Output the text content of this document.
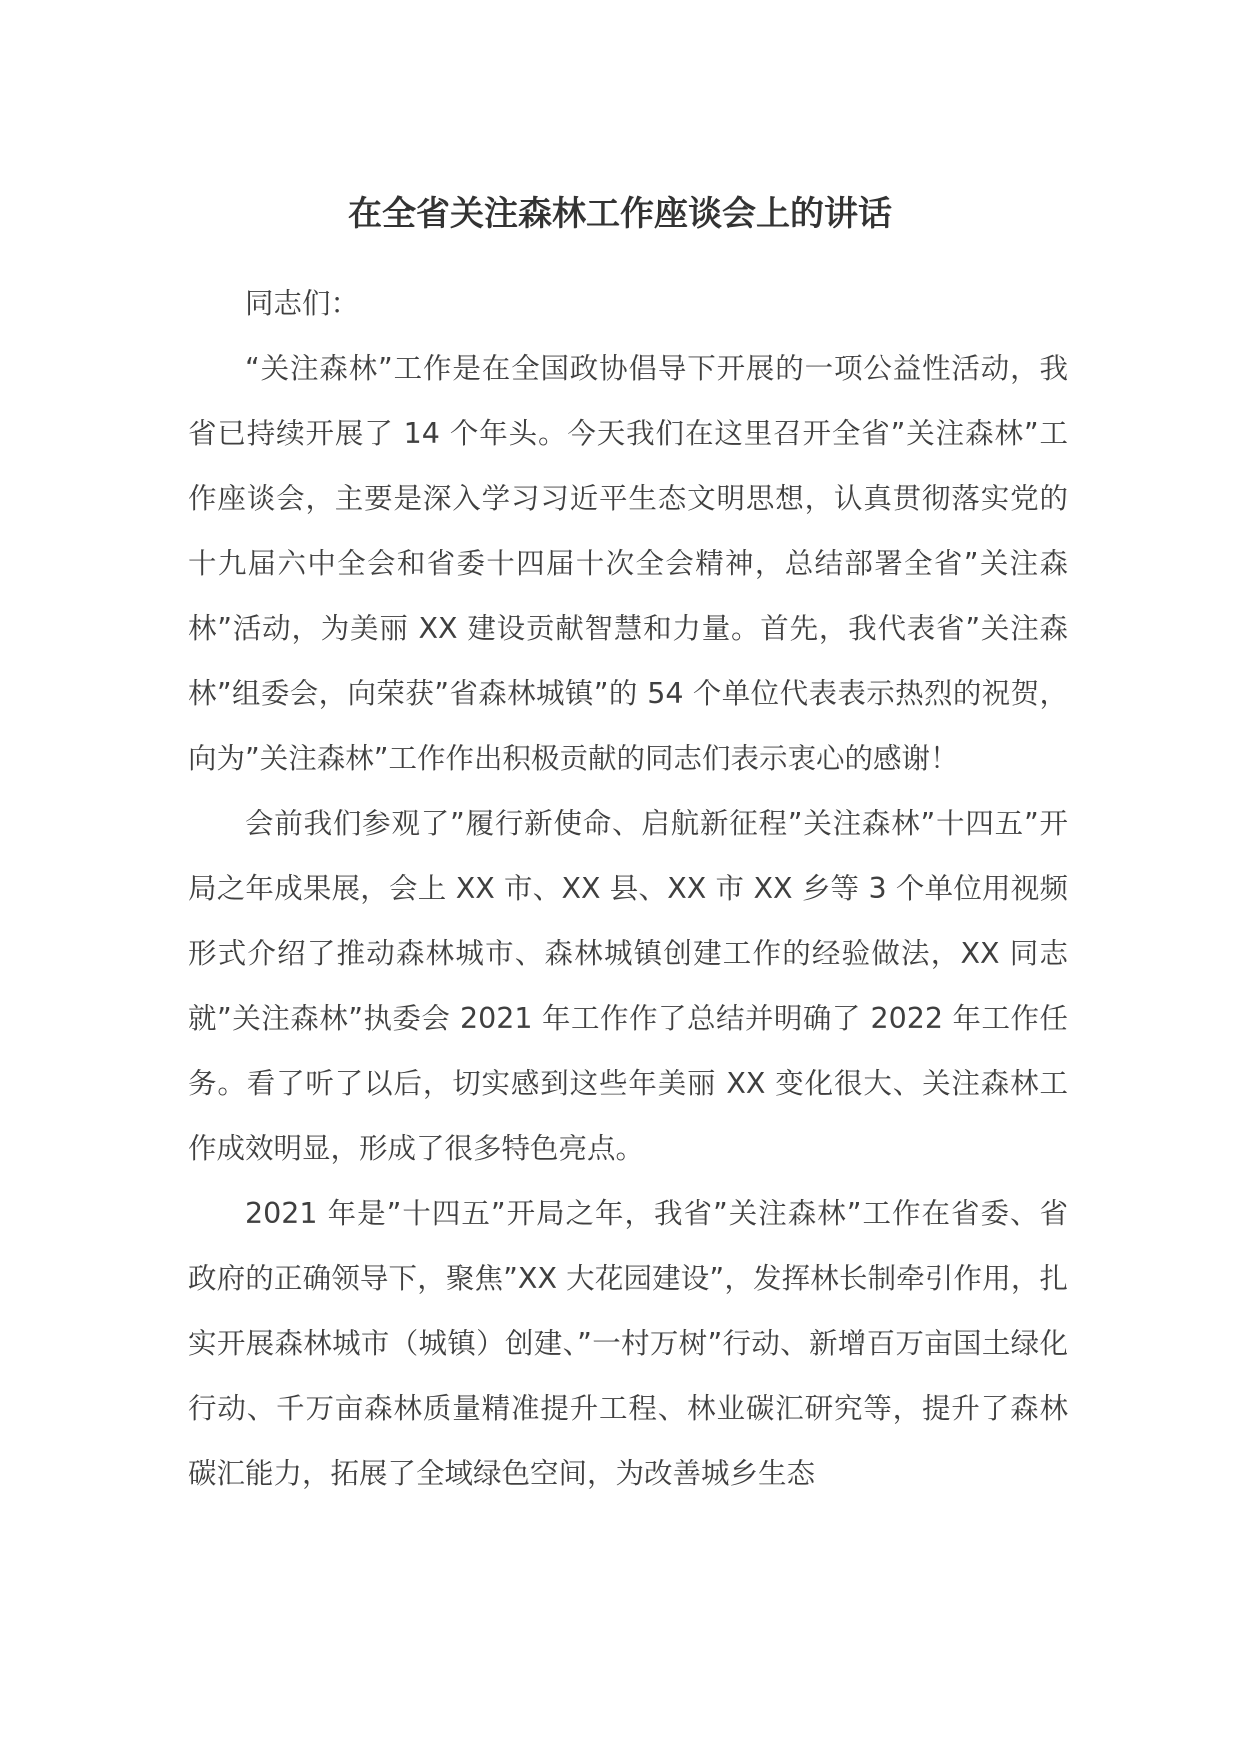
在全省关注森林工作座谈会上的讲话

同志们：

“关注森林”工作是在全国政协倡导下开展的一项公益性活动，我省已持续开展了 14 个年头。今天我们在这里召开全省”关注森林”工作座谈会，主要是深入学习习近平生态文明思想，认真贯彻落实党的十九届六中全会和省委十四届十次全会精神，总结部署全省”关注森林”活动，为美丽 XX 建设贡献智慧和力量。首先，我代表省”关注森林”组委会，向荣获”省森林城镇”的 54 个单位代表表示热烈的祝贺，向为”关注森林”工作作出积极贡献的同志们表示衷心的感谢！

会前我们参观了”履行新使命、启航新征程”关注森林”十四五”开局之年成果展，会上 XX 市、XX 县、XX 市 XX 乡等 3 个单位用视频形式介绍了推动森林城市、森林城镇创建工作的经验做法，XX 同志就”关注森林”执委会 2021 年工作作了总结并明确了 2022 年工作任务。看了听了以后，切实感到这些年美丽 XX 变化很大、关注森林工作成效明显，形成了很多特色亮点。

2021 年是”十四五”开局之年，我省”关注森林”工作在省委、省政府的正确领导下，聚焦”XX 大花园建设”，发挥林长制牵引作用，扎实开展森林城市（城镇）创建、”一村万树”行动、新增百万亩国土绿化行动、千万亩森林质量精准提升工程、林业碳汇研究等，提升了森林碳汇能力，拓展了全域绿色空间，为改善城乡生态
